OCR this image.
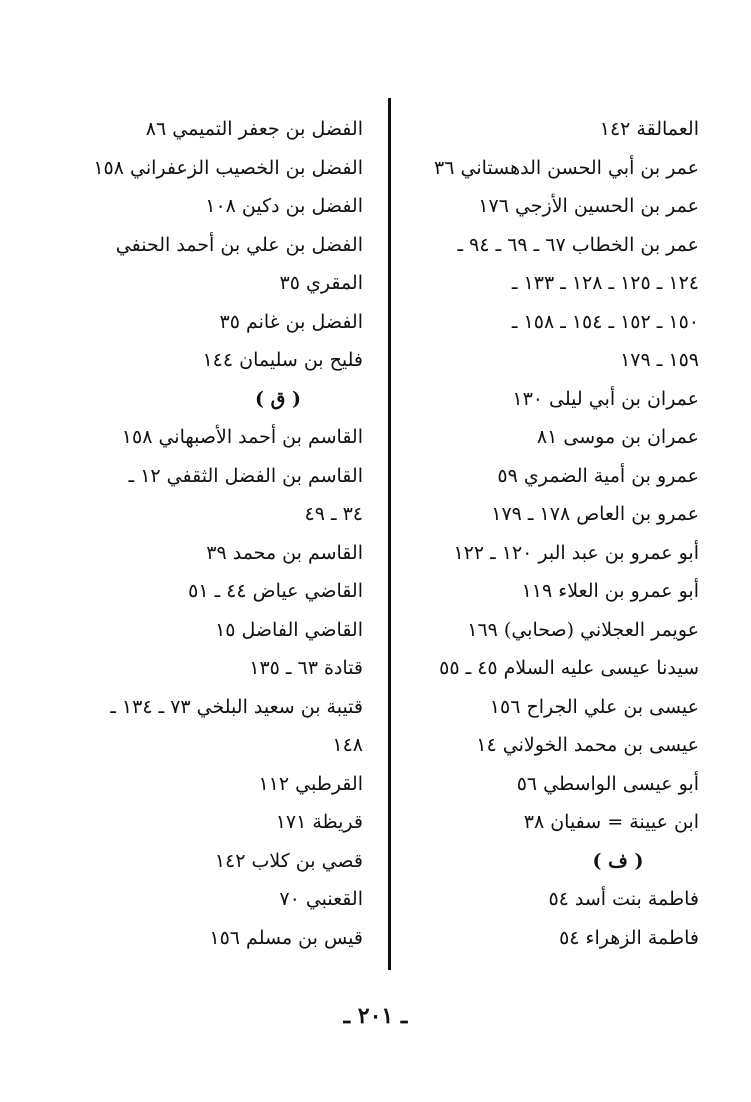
العمالقة ١٤٢
عمر بن أبي الحسن الدهستاني ٣٦
عمر بن الحسين الأزجي ١٧٦
عمر بن الخطاب ٦٧ ـ ٦٩ ـ ٩٤ ـ
١٢٤ ـ ١٢٥ ـ ١٢٨ ـ ١٣٣ ـ
١٥٠ ـ ١٥٢ ـ ١٥٤ ـ ١٥٨ ـ
١٥٩ ـ ١٧٩
عمران بن أبي ليلى ١٣٠
عمران بن موسى ٨١
عمرو بن أمية الضمري ٥٩
عمرو بن العاص ١٧٨ ـ ١٧٩
أبو عمرو بن عبد البر ١٢٠ ـ ١٢٢
أبو عمرو بن العلاء ١١٩
عويمر العجلاني (صحابي) ١٦٩
سيدنا عيسى عليه السلام ٤٥ ـ ٥٥
عيسى بن علي الجراح ١٥٦
عيسى بن محمد الخولاني ١٤
أبو عيسى الواسطي ٥٦
ابن عيينة = سفيان ٣٨
( ف )
فاطمة بنت أسد ٥٤
فاطمة الزهراء ٥٤
الفضل بن جعفر التميمي ٨٦
الفضل بن الخصيب الزعفراني ١٥٨
الفضل بن دكين ١٠٨
الفضل بن علي بن أحمد الحنفي
المقري ٣٥
الفضل بن غانم ٣٥
فليح بن سليمان ١٤٤
( ق )
القاسم بن أحمد الأصبهاني ١٥٨
القاسم بن الفضل الثقفي ١٢ ـ
٣٤ ـ ٤٩
القاسم بن محمد ٣٩
القاضي عياض ٤٤ ـ ٥١
القاضي الفاضل ١٥
قتادة ٦٣ ـ ١٣٥
قتيبة بن سعيد البلخي ٧٣ ـ ١٣٤ ـ
١٤٨
القرطبي ١١٢
قريظة ١٧١
قصي بن كلاب ١٤٢
القعنبي ٧٠
قيس بن مسلم ١٥٦
ـ ٢٠١ ـ
